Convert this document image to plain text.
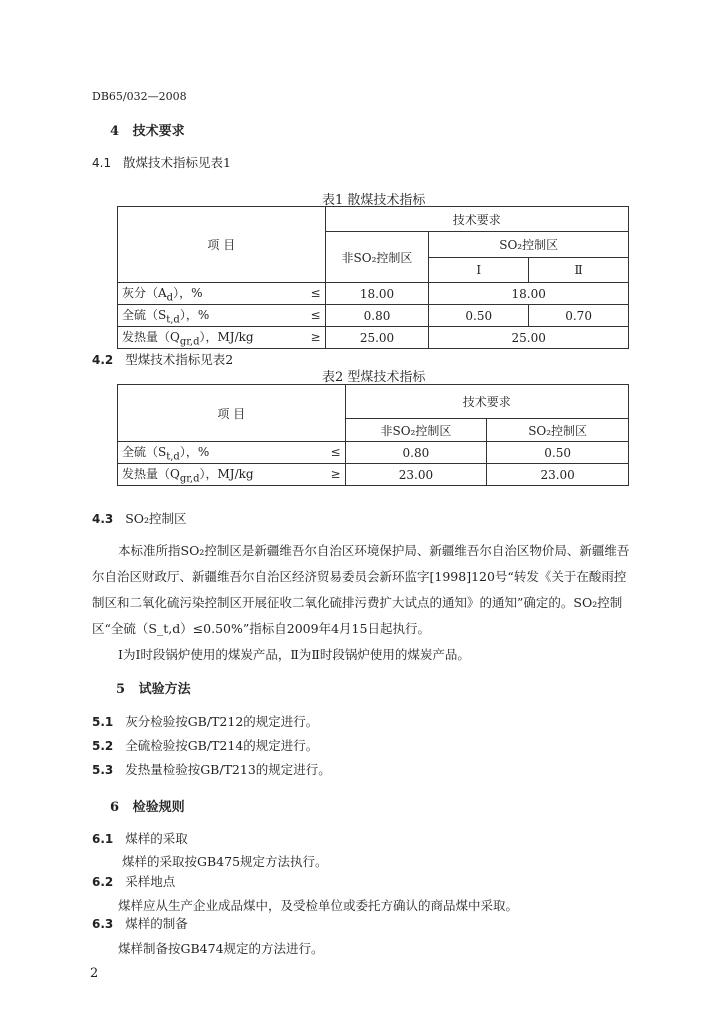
DB65/032—2008
4 技术要求
4.1 散煤技术指标见表1
表1 散煤技术指标
项 目	技术要求		
	非SO₂控制区	SO₂控制区	
		I	Ⅱ

灰分$(A_d)$，% ≤	18.00	18.00	

全硫$(S_{t,d})$，% ≤	0.80	0.50	0.70

发热量$(Q_{gr,d})$，MJ/kg ≥	25.00	25.00	
4.2 型煤技术指标见表2
表2 型煤技术指标
项 目	技术要求	
	非SO₂控制区	SO₂控制区

全硫$(S_{t,d})$，% ≤	0.80	0.50

发热量$(Q_{gr,d})$，MJ/kg ≥	23.00	23.00
4.3 SO₂控制区
本标准所指SO₂控制区是新疆维吾尔自治区环境保护局、新疆维吾尔自治区物价局、新疆维吾尔自治区财政厅、新疆维吾尔自治区经济贸易委员会新环监字[1998]120号“转发《关于在酸雨控制区和二氧化硫污染控制区开展征收二氧化硫排污费扩大试点的通知》的通知”确定的。SO₂控制区“全硫（S_t,d）≤0.50%”指标自2009年4月15日起执行。
Ⅰ为Ⅰ时段锅炉使用的煤炭产品，Ⅱ为Ⅱ时段锅炉使用的煤炭产品。
5 试验方法
5.1 灰分检验按GB/T212的规定进行。
5.2 全硫检验按GB/T214的规定进行。
5.3 发热量检验按GB/T213的规定进行。
6 检验规则
6.1 煤样的采取
煤样的采取按GB475规定方法执行。
6.2 采样地点
煤样应从生产企业成品煤中，及受检单位或委托方确认的商品煤中采取。
6.3 煤样的制备
煤样制备按GB474规定的方法进行。
2
